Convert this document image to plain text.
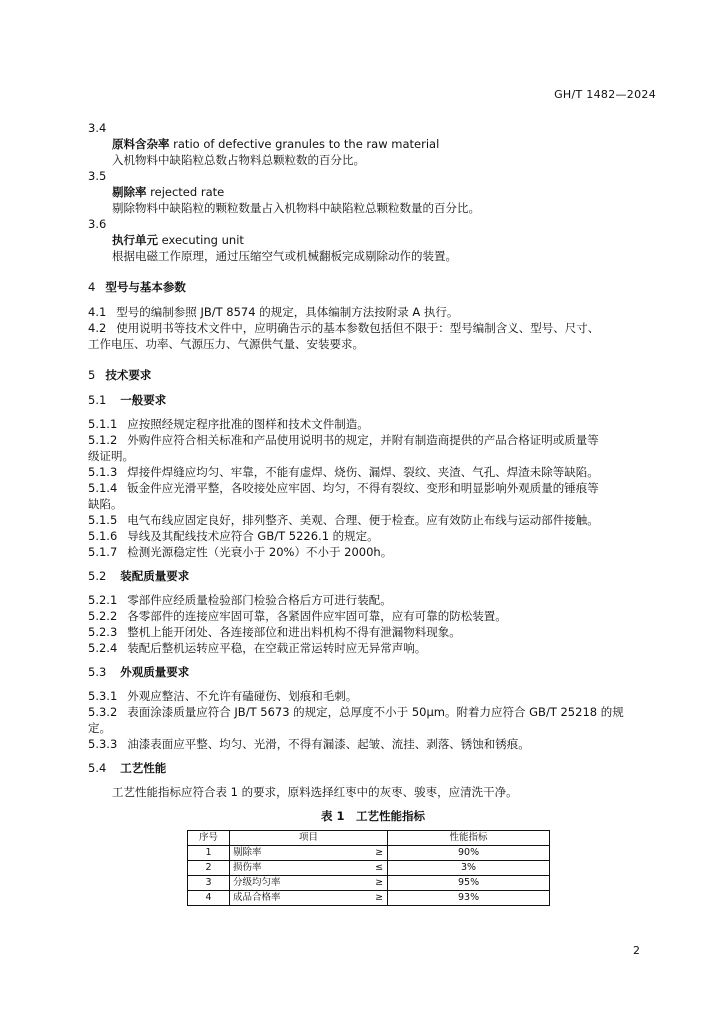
GH/T 1482—2024

3.4

原料含杂率 ratio of defective granules to the raw material

入机物料中缺陷粒总数占物料总颗粒数的百分比。

3.5

剔除率 rejected rate

剔除物料中缺陷粒的颗粒数量占入机物料中缺陷粒总颗粒数量的百分比。

3.6

执行单元 executing unit

根据电磁工作原理，通过压缩空气或机械翻板完成剔除动作的装置。

4 型号与基本参数

4.1 型号的编制参照 JB/T 8574 的规定，具体编制方法按附录 A 执行。

4.2 使用说明书等技术文件中，应明确告示的基本参数包括但不限于：型号编制含义、型号、尺寸、

工作电压、功率、气源压力、气源供气量、安装要求。

5 技术要求

5.1 一般要求

5.1.1 应按照经规定程序批准的图样和技术文件制造。

5.1.2 外购件应符合相关标准和产品使用说明书的规定，并附有制造商提供的产品合格证明或质量等

级证明。

5.1.3 焊接件焊缝应均匀、牢靠，不能有虚焊、烧伤、漏焊、裂纹、夹渣、气孔、焊渣未除等缺陷。

5.1.4 钣金件应光滑平整，各咬接处应牢固、均匀，不得有裂纹、变形和明显影响外观质量的锤痕等

缺陷。

5.1.5 电气布线应固定良好，排列整齐、美观、合理、便于检查。应有效防止布线与运动部件接触。

5.1.6 导线及其配线技术应符合 GB/T 5226.1 的规定。

5.1.7 检测光源稳定性（光衰小于 20%）不小于 2000h。

5.2 装配质量要求

5.2.1 零部件应经质量检验部门检验合格后方可进行装配。

5.2.2 各零部件的连接应牢固可靠，各紧固件应牢固可靠，应有可靠的防松装置。

5.2.3 整机上能开闭处、各连接部位和进出料机构不得有泄漏物料现象。

5.2.4 装配后整机运转应平稳，在空载正常运转时应无异常声响。

5.3 外观质量要求

5.3.1 外观应整洁、不允许有磕碰伤、划痕和毛刺。

5.3.2 表面涂漆质量应符合 JB/T 5673 的规定，总厚度不小于 50μm。附着力应符合 GB/T 25218 的规

定。

5.3.3 油漆表面应平整、均匀、光滑，不得有漏漆、起皱、流挂、剥落、锈蚀和锈痕。

5.4 工艺性能

工艺性能指标应符合表 1 的要求，原料选择红枣中的灰枣、骏枣，应清洗干净。

表 1　工艺性能指标

序号	项目		性能指标
1	剔除率	≥	90%
2	损伤率	≤	3%
3	分级均匀率	≥	95%
4	成品合格率	≥	93%
2
